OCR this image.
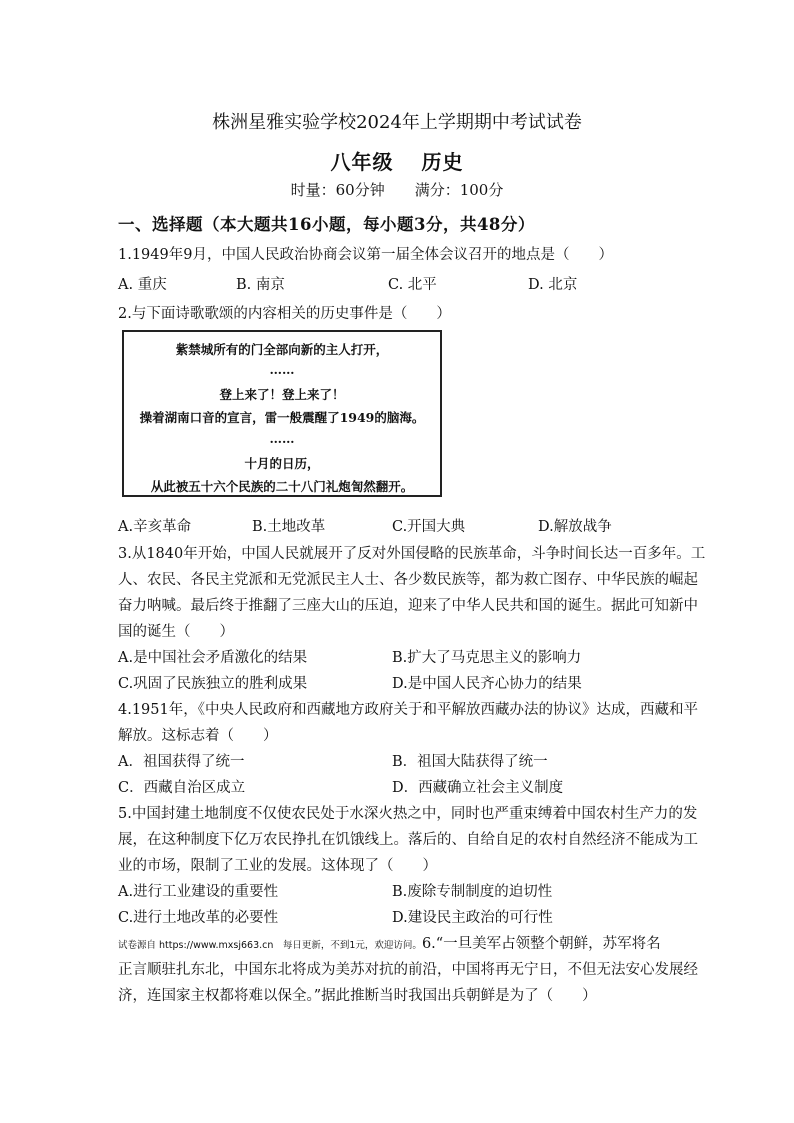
株洲星雅实验学校2024年上学期期中考试试卷
八年级 历史
时量：60分钟 满分：100分
一、选择题（本大题共16小题，每小题3分，共48分）
1.1949年9月，中国人民政治协商会议第一届全体会议召开的地点是（　　）
A. 重庆	B. 南京	C. 北平	D. 北京
2.与下面诗歌歌颂的内容相关的历史事件是（　　）
紫禁城所有的门全部向新的主人打开，
……
登上来了！登上来了！
操着湖南口音的宣言，雷一般震醒了1949的脑海。
……
十月的日历，
从此被五十六个民族的二十八门礼炮訇然翻开。
A.辛亥革命	B.土地改革	C.开国大典	D.解放战争
3.从1840年开始，中国人民就展开了反对外国侵略的民族革命，斗争时间长达一百多年。工
人、农民、各民主党派和无党派民主人士、各少数民族等，都为救亡图存、中华民族的崛起
奋力呐喊。最后终于推翻了三座大山的压迫，迎来了中华人民共和国的诞生。据此可知新中
国的诞生（　　）
A.是中国社会矛盾激化的结果	B.扩大了马克思主义的影响力
C.巩固了民族独立的胜利成果	D.是中国人民齐心协力的结果
4.1951年，《中央人民政府和西藏地方政府关于和平解放西藏办法的协议》达成，西藏和平
解放。这标志着（　　）
A．祖国获得了统一	B．祖国大陆获得了统一
C．西藏自治区成立	D．西藏确立社会主义制度
5.中国封建土地制度不仅使农民处于水深火热之中，同时也严重束缚着中国农村生产力的发
展，在这种制度下亿万农民挣扎在饥饿线上。落后的、自给自足的农村自然经济不能成为工
业的市场，限制了工业的发展。这体现了（　　）
A.进行工业建设的重要性	B.废除专制制度的迫切性
C.进行土地改革的必要性	D.建设民主政治的可行性
试卷源自 https://www.mxsj663.cn　每日更新，不到1元，欢迎访问。6.“一旦美军占领整个朝鲜，苏军将名
正言顺驻扎东北，中国东北将成为美苏对抗的前沿，中国将再无宁日，不但无法安心发展经
济，连国家主权都将难以保全。”据此推断当时我国出兵朝鲜是为了（　　）
